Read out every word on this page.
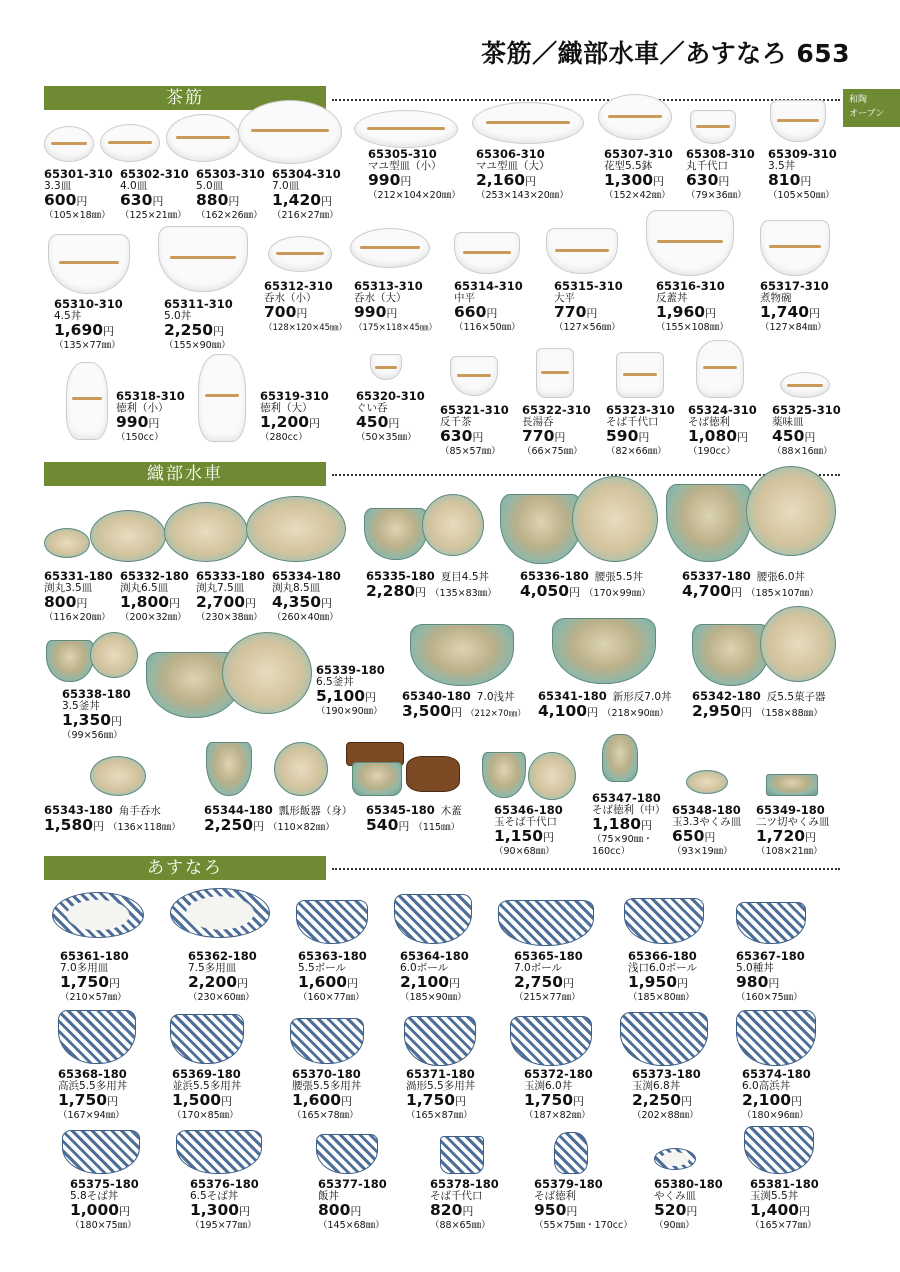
茶筋／織部水車／あすなろ 653
和陶
オーブン
茶筋
織部水車
あすなろ
65301-310
3.3皿
600円
（105×18㎜）
65302-310
4.0皿
630円
（125×21㎜）
65303-310
5.0皿
880円
（162×26㎜）
65304-310
7.0皿
1,420円
（216×27㎜）
65305-310
マユ型皿（小）
990円
（212×104×20㎜）
65306-310
マユ型皿（大）
2,160円
（253×143×20㎜）
65307-310
花型5.5鉢
1,300円
（152×42㎜）
65308-310
丸千代口
630円
（79×36㎜）
65309-310
3.5丼
810円
（105×50㎜）
65310-310
4.5丼
1,690円
（135×77㎜）
65311-310
5.0丼
2,250円
（155×90㎜）
65312-310
呑水（小）
700円
（128×120×45㎜）
65313-310
呑水（大）
990円
（175×118×45㎜）
65314-310
中平
660円
（116×50㎜）
65315-310
大平
770円
（127×56㎜）
65316-310
反蓋丼
1,960円
（155×108㎜）
65317-310
煮物碗
1,740円
（127×84㎜）
65318-310
徳利（小）
990円
（150cc）
65319-310
徳利（大）
1,200円
（280cc）
65320-310
ぐい呑
450円
（50×35㎜）
65321-310
反千茶
630円
（85×57㎜）
65322-310
長湯呑
770円
（66×75㎜）
65323-310
そば千代口
590円
（82×66㎜）
65324-310
そば徳利
1,080円
（190cc）
65325-310
薬味皿
450円
（88×16㎜）
65331-180
渕丸3.5皿
800円
（116×20㎜）
65332-180
渕丸6.5皿
1,800円
（200×32㎜）
65333-180
渕丸7.5皿
2,700円
（230×38㎜）
65334-180
渕丸8.5皿
4,350円
（260×40㎜）
65335-180 夏目4.5丼
2,280円 （135×83㎜）
65336-180 腰張5.5丼
4,050円 （170×99㎜）
65337-180 腰張6.0丼
4,700円 （185×107㎜）
65338-180
3.5釜丼
1,350円
（99×56㎜）
65339-180
6.5釜丼
5,100円
（190×90㎜）
65340-180 7.0浅丼
3,500円 （212×70㎜）
65341-180 新形反7.0丼
4,100円 （218×90㎜）
65342-180 反5.5菓子器
2,950円 （158×88㎜）
65343-180 角手呑水
1,580円 （136×118㎜）
65344-180 瓢形飯器（身）
2,250円 （110×82㎜）
65345-180 木蓋
540円 （115㎜）
65346-180
玉そば千代口
1,150円
（90×68㎜）
65347-180
そば徳利（中）
1,180円
（75×90㎜・
160cc）
65348-180
玉3.3やくみ皿
650円
（93×19㎜）
65349-180
二ツ切やくみ皿
1,720円
（108×21㎜）
65361-180
7.0多用皿
1,750円
（210×57㎜）
65362-180
7.5多用皿
2,200円
（230×60㎜）
65363-180
5.5ボール
1,600円
（160×77㎜）
65364-180
6.0ボール
2,100円
（185×90㎜）
65365-180
7.0ボール
2,750円
（215×77㎜）
65366-180
浅口6.0ボール
1,950円
（185×80㎜）
65367-180
5.0種丼
980円
（160×75㎜）
65368-180
高浜5.5多用丼
1,750円
（167×94㎜）
65369-180
並浜5.5多用丼
1,500円
（170×85㎜）
65370-180
腰張5.5多用丼
1,600円
（165×78㎜）
65371-180
渦形5.5多用丼
1,750円
（165×87㎜）
65372-180
玉渕6.0丼
1,750円
（187×82㎜）
65373-180
玉渕6.8丼
2,250円
（202×88㎜）
65374-180
6.0高浜丼
2,100円
（180×96㎜）
65375-180
5.8そば丼
1,000円
（180×75㎜）
65376-180
6.5そば丼
1,300円
（195×77㎜）
65377-180
飯丼
800円
（145×68㎜）
65378-180
そば千代口
820円
（88×65㎜）
65379-180
そば徳利
950円
（55×75㎜・170cc）
65380-180
やくみ皿
520円
（90㎜）
65381-180
玉渕5.5丼
1,400円
（165×77㎜）
